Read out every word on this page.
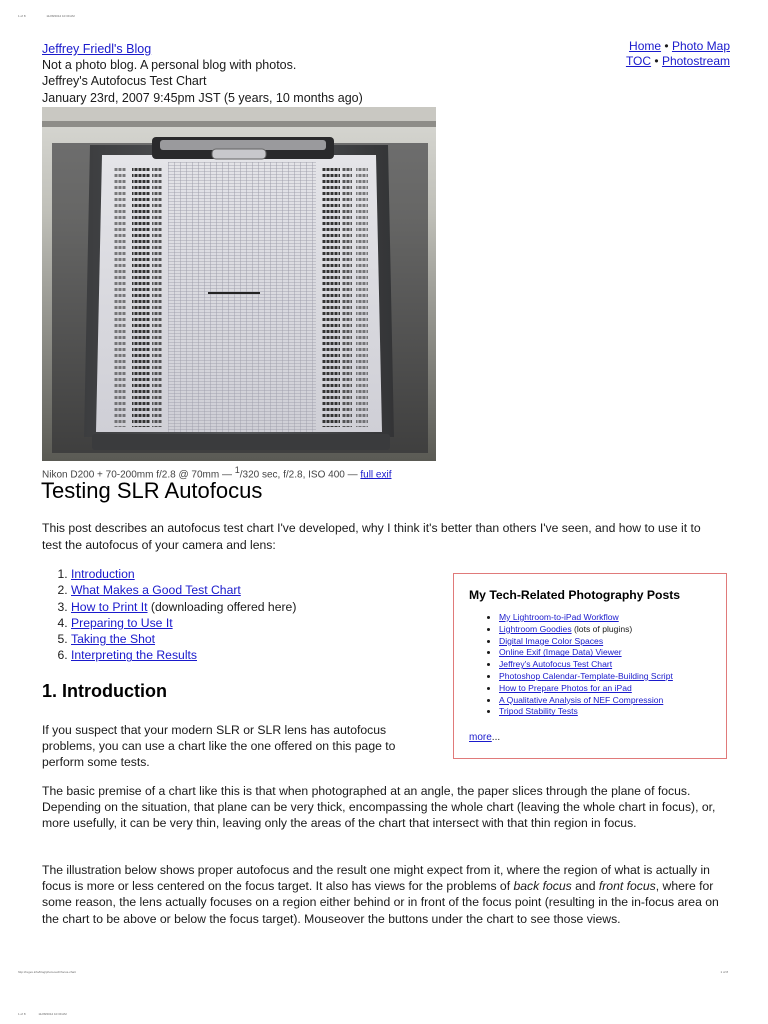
1 of 8	11/28/2012 10:39 AM
Jeffrey Friedl's Blog
Not a photo blog. A personal blog with photos.
Jeffrey's Autofocus Test Chart
January 23rd, 2007 9:45pm JST (5 years, 10 months ago)
Home • Photo Map
TOC • Photostream
Nikon D200 + 70-200mm f/2.8 @ 70mm — $^1$/320 sec, f/2.8, ISO 400 — full exif
Testing SLR Autofocus

This post describes an autofocus test chart I've developed, why I think it's better than others I've seen, and how to use it to test the autofocus of your camera and lens:

1. Introduction
2. What Makes a Good Test Chart
3. How to Print It (downloading offered here)
4. Preparing to Use It
5. Taking the Shot
6. Interpreting the Results
1. Introduction

If you suspect that your modern SLR or SLR lens has autofocus problems, you can use a chart like the one offered on this page to perform some tests.

The basic premise of a chart like this is that when photographed at an angle, the paper slices through the plane of focus. Depending on the situation, that plane can be very thick, encompassing the whole chart (leaving the whole chart in focus), or, more usefully, it can be very thin, leaving only the areas of the chart that intersect with that thin region in focus.

The illustration below shows proper autofocus and the result one might expect from it, where the region of what is actually in focus is more or less centered on the focus target. It also has views for the problems of back focus and front focus, where for some reason, the lens actually focuses on a region either behind or in front of the focus point (resulting in the in-focus area on the chart to be above or below the focus target). Mouseover the buttons under the chart to see those views.

My Tech-Related Photography Posts
• My Lightroom-to-iPad Workflow
• Lightroom Goodies (lots of plugins)
• Digital Image Color Spaces
• Online Exif (Image Data) Viewer
• Jeffrey's Autofocus Test Chart
• Photoshop Calendar-Template-Building Script
• How to Prepare Photos for an iPad
• A Qualitative Analysis of NEF Compression
• Tripod Stability Tests
more...
http://regex.info/blog/photo-tech/focus-chart	1 of 8
1 of 8	11/28/2012 10:39 AM
